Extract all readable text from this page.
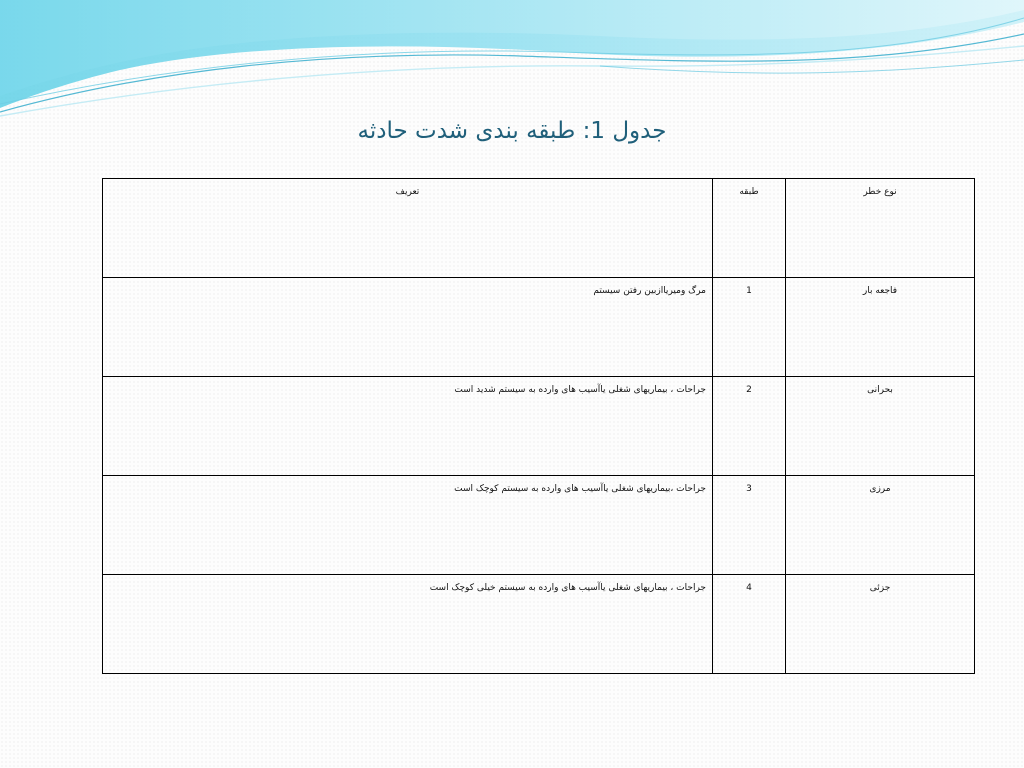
جدول 1: طبقه بندی شدت حادثه
نوع خطر	طبقه	تعریف
فاجعه بار	1	مرگ ومیریاازبین رفتن سیستم
بحرانی	2	جراحات ، بیماریهای شغلی یاآسیب های وارده به سیستم شدید است
مرزی	3	جراحات ،بیماریهای شغلی یاآسیب های وارده به سیستم کوچک است
جزئی	4	جراحات ، بیماریهای شغلی یاآسیب های وارده به سیستم خیلی کوچک است
